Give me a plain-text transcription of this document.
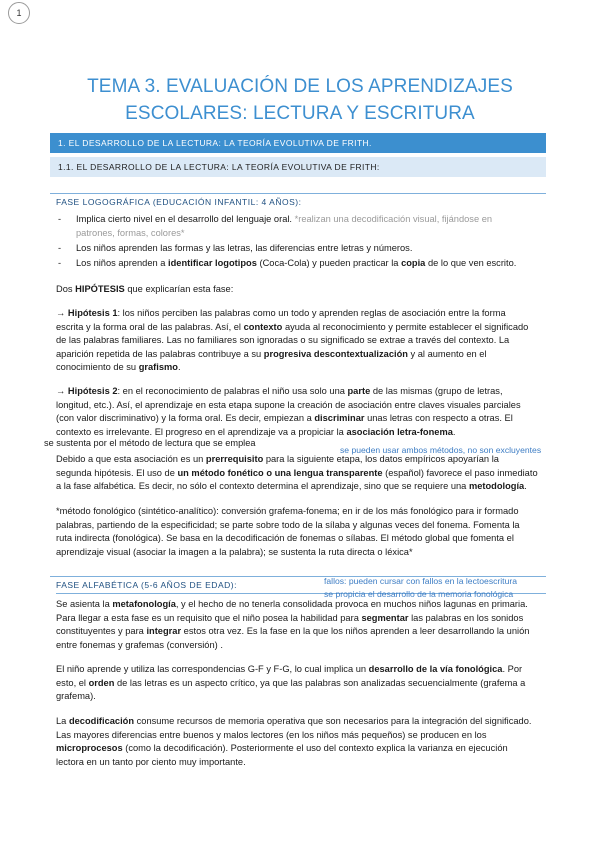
1
TEMA 3. EVALUACIÓN DE LOS APRENDIZAJES
ESCOLARES: LECTURA Y ESCRITURA
1. EL DESARROLLO DE LA LECTURA: LA TEORÍA EVOLUTIVA DE FRITH.
1.1. EL DESARROLLO DE LA LECTURA: LA TEORÍA EVOLUTIVA DE FRITH:
FASE LOGOGRÁFICA (EDUCACIÓN INFANTIL: 4 AÑOS):
- Implica cierto nivel en el desarrollo del lenguaje oral. *realizan una decodificación visual, fijándose en
patrones, formas, colores*
- Los niños aprenden las formas y las letras, las diferencias entre letras y números.
- Los niños aprenden a identificar logotipos (Coca-Cola) y pueden practicar la copia de lo que ven escrito.
Dos HIPÓTESIS que explicarían esta fase:
→ Hipótesis 1: los niños perciben las palabras como un todo y aprenden reglas de asociación entre la forma
escrita y la forma oral de las palabras. Así, el contexto ayuda al reconocimiento y permite establecer el significado
de las palabras familiares. Las no familiares son ignoradas o su significado se extrae a través del contexto. La
aparición repetida de las palabras contribuye a su progresiva descontextualización y al aumento en el
conocimiento de su grafismo.
→ Hipótesis 2: en el reconocimiento de palabras el niño usa solo una parte de las mismas (grupo de letras,
longitud, etc.). Así, el aprendizaje en esta etapa supone la creación de asociación entre claves visuales parciales
(con valor discriminativo) y la forma oral. Es decir, empiezan a discriminar unas letras con respecto a otras. El
contexto es irrelevante. El progreso en el aprendizaje va a propiciar la asociación letra-fonema.
se sustenta por el método de lectura que se emplea
se pueden usar ambos métodos, no son excluyentes
Debido a que esta asociación es un prerrequisito para la siguiente etapa, los datos empíricos apoyarían la
segunda hipótesis. El uso de un método fonético o una lengua transparente (español) favorece el paso inmediato
a la fase alfabética. Es decir, no sólo el contexto determina el aprendizaje, sino que se requiere una metodología.
*método fonológico (sintético-analítico): conversión grafema-fonema; en ir de los más fonológico para ir formado
palabras, partiendo de la especificidad; se parte sobre todo de la sílaba y algunas veces del fonema. Fomenta la
ruta indirecta (fonológica). Se basa en la decodificación de fonemas o sílabas. El método global que fomenta el
aprendizaje visual (asociar la imagen a la palabra); se sustenta la ruta directa o léxica*
FASE ALFABÉTICA (5-6 AÑOS DE EDAD):	fallos: pueden cursar con fallos en la lectoescritura
se propicia el desarrollo de la memoria fonológica
Se asienta la metafonología, y el hecho de no tenerla consolidada provoca en muchos niños lagunas en primaria.
Para llegar a esta fase es un requisito que el niño posea la habilidad para segmentar las palabras en los sonidos
constituyentes y para integrar estos otra vez. Es la fase en la que los niños aprenden a leer desarrollando la unión
entre fonemas y grafemas (conversión) .
El niño aprende y utiliza las correspondencias G-F y F-G, lo cual implica un desarrollo de la vía fonológica. Por
esto, el orden de las letras es un aspecto crítico, ya que las palabras son analizadas secuencialmente (grafema a
grafema).
La decodificación consume recursos de memoria operativa que son necesarios para la integración del significado.
Las mayores diferencias entre buenos y malos lectores (en los niños más pequeños) se producen en los
microprocesos (como la decodificación). Posteriormente el uso del contexto explica la varianza en ejecución
lectora en un tanto por ciento muy importante.
